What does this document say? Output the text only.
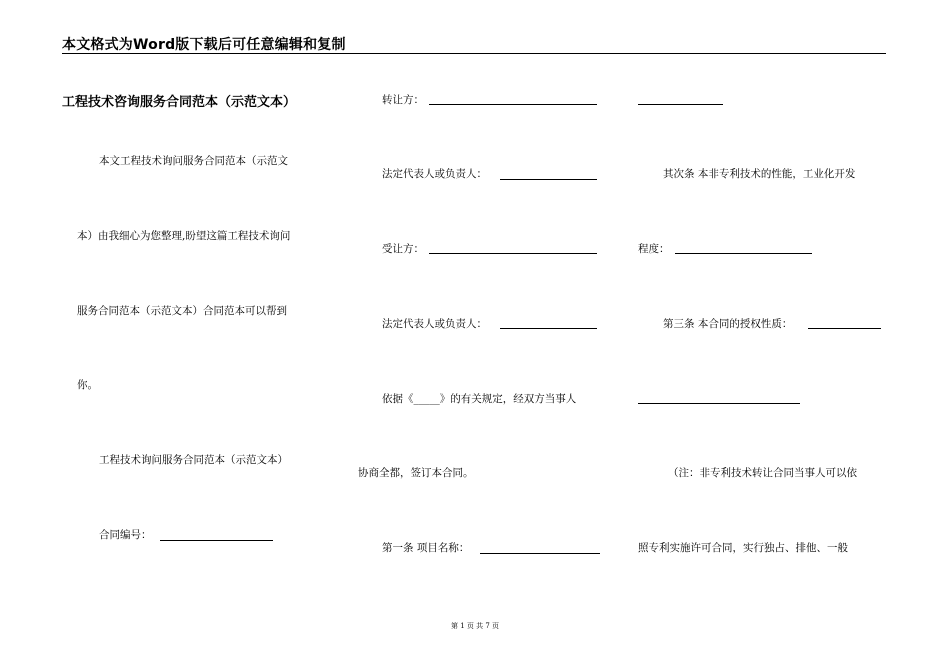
本文格式为Word版下载后可任意编辑和复制
工程技术咨询服务合同范本（示范文本）
本文工程技术询问服务合同范本（示范文
本）由我细心为您整理,盼望这篇工程技术询问
服务合同范本（示范文本）合同范本可以帮到
你。
工程技术询问服务合同范本（示范文本）
合同编号：
转让方：
法定代表人或负责人：
受让方：
法定代表人或负责人：
依据《_____》的有关规定，经双方当事人
协商全都，签订本合同。
第一条 项目名称：
其次条 本非专利技术的性能，工业化开发
程度：
第三条 本合同的授权性质：
（注：非专利技术转让合同当事人可以依
照专利实施许可合同，实行独占、排他、一般
第 1 页 共 7 页
